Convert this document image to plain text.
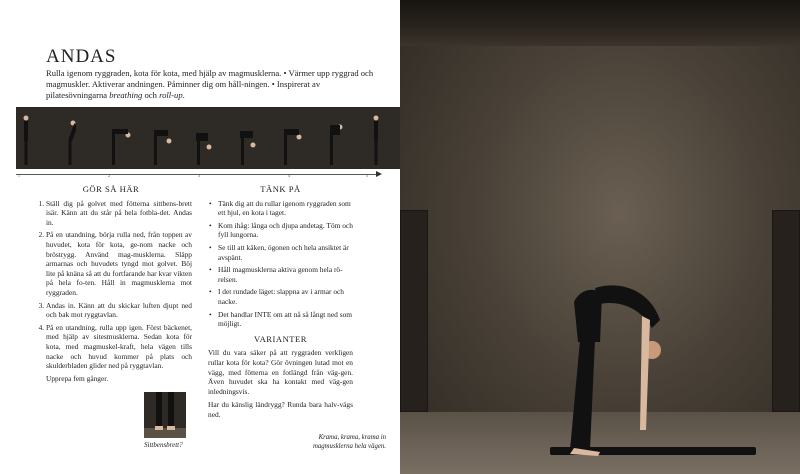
ANDAS
Rulla igenom ryggraden, kota för kota, med hjälp av magmusklerna. • Värmer upp ryggrad och magmuskler. Aktiverar andningen. Påminner dig om håll-ningen. • Inspirerat av pilatesövningarna breathing och roll-up.
1	2	3	4	5
GÖR SÅ HÄR
1. Ställ dig på golvet med fötterna sittbens-brett isär. Känn att du står på hela fotbla-det. Andas in.
2. På en utandning, börja rulla ned, från toppen av huvudet, kota för kota, ge-nom nacke och bröstrygg. Använd mag-musklerna. Släpp armarnas och huvudets tyngd mot golvet. Böj lite på knäna så att du fortfarande har kvar vikten på hela fo-ten. Håll in magmusklerna mot ryggraden.
3. Andas in. Känn att du skickar luften djupt ned och bak mot ryggtavlan.
4. På en utandning, rulla upp igen. Först bäckenet, med hjälp av sitesmusklerna. Sedan kota för kota, med magmuskel-kraft, hela vägen tills nacke och huvud kommer på plats och skulderbladen glider ned på ryggtavlan.
Upprepa fem gånger.
TÄNK PÅ
• Tänk dig att du rullar igenom ryggraden som ett hjul, en kota i taget.
• Kom ihåg: långa och djupa andetag. Töm och fyll lungorna.
• Se till att käken, ögonen och hela ansiktet är avspänt.
• Håll magmusklerna aktiva genom hela rö-relsen.
• I det rundade läget: slappna av i armar och nacke.
• Det handlar INTE om att nå så långt ned som möjligt.
VARIANTER

Vill du vara säker på att ryggraden verkligen rullar kota för kota? Gör övningen lutad mot en vägg, med fötterna en fotlängd från väg-gen. Även huvudet ska ha kontakt med väg-gen inledningsvis.

Har du känslig ländrygg? Runda bara halv-vägs ned.

Sittbensbrett?
Krama, krama, krama in
magmusklerna hela vägen.
